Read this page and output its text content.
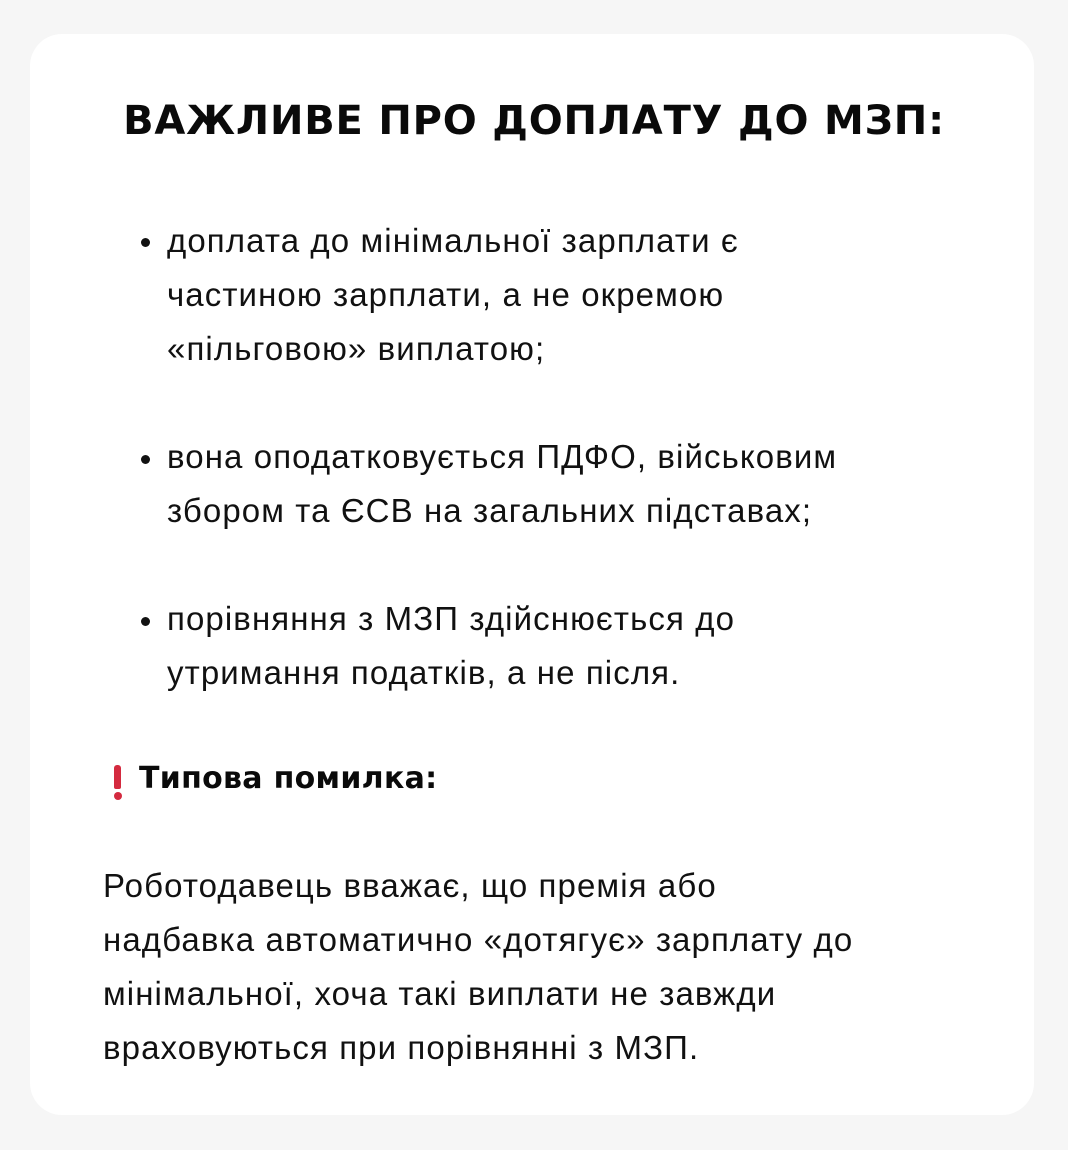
ВАЖЛИВЕ ПРО ДОПЛАТУ ДО МЗП:
доплата до мінімальної зарплати є
частиною зарплати, а не окремою
«пільговою» виплатою;
вона оподатковується ПДФО, військовим
збором та ЄСВ на загальних підставах;
порівняння з МЗП здійснюється до
утримання податків, а не після.
Типова помилка:
Роботодавець вважає, що премія або
надбавка автоматично «дотягує» зарплату до
мінімальної, хоча такі виплати не завжди
враховуються при порівнянні з МЗП.
